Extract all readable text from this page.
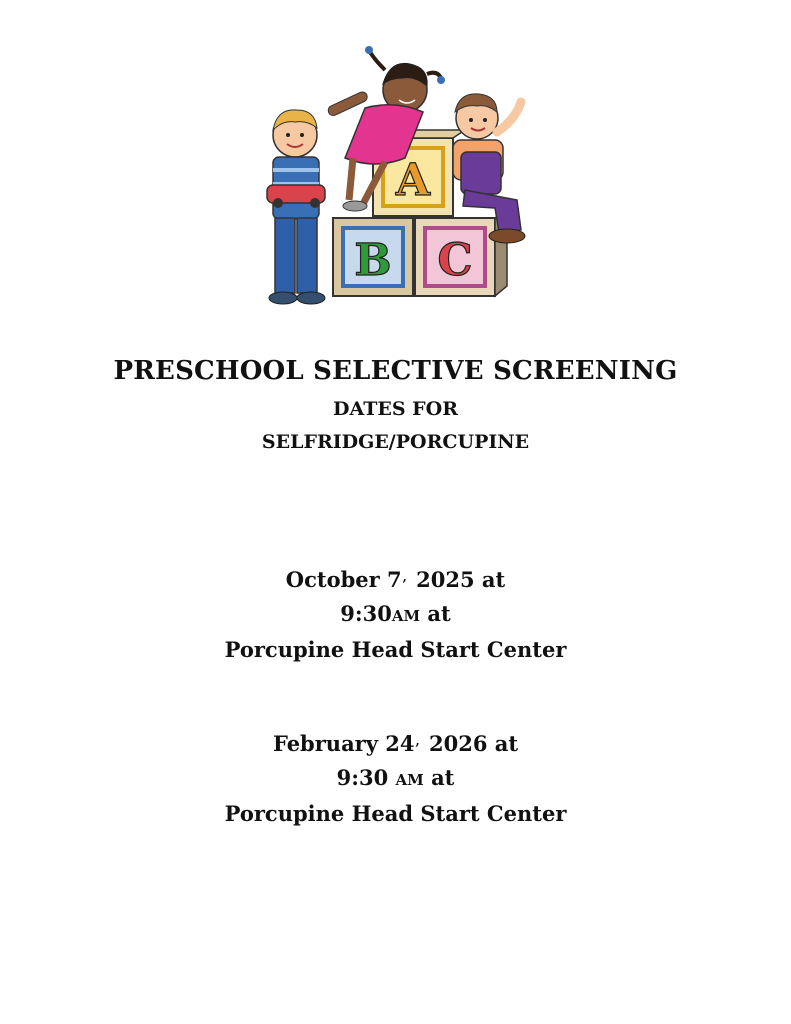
B C
A
PRESCHOOL SELECTIVE SCREENING
DATES FOR
SELFRIDGE/PORCUPINE
October 7, 2025 at
9:30AM at
Porcupine Head Start Center
February 24, 2026 at
9:30 AM at
Porcupine Head Start Center
